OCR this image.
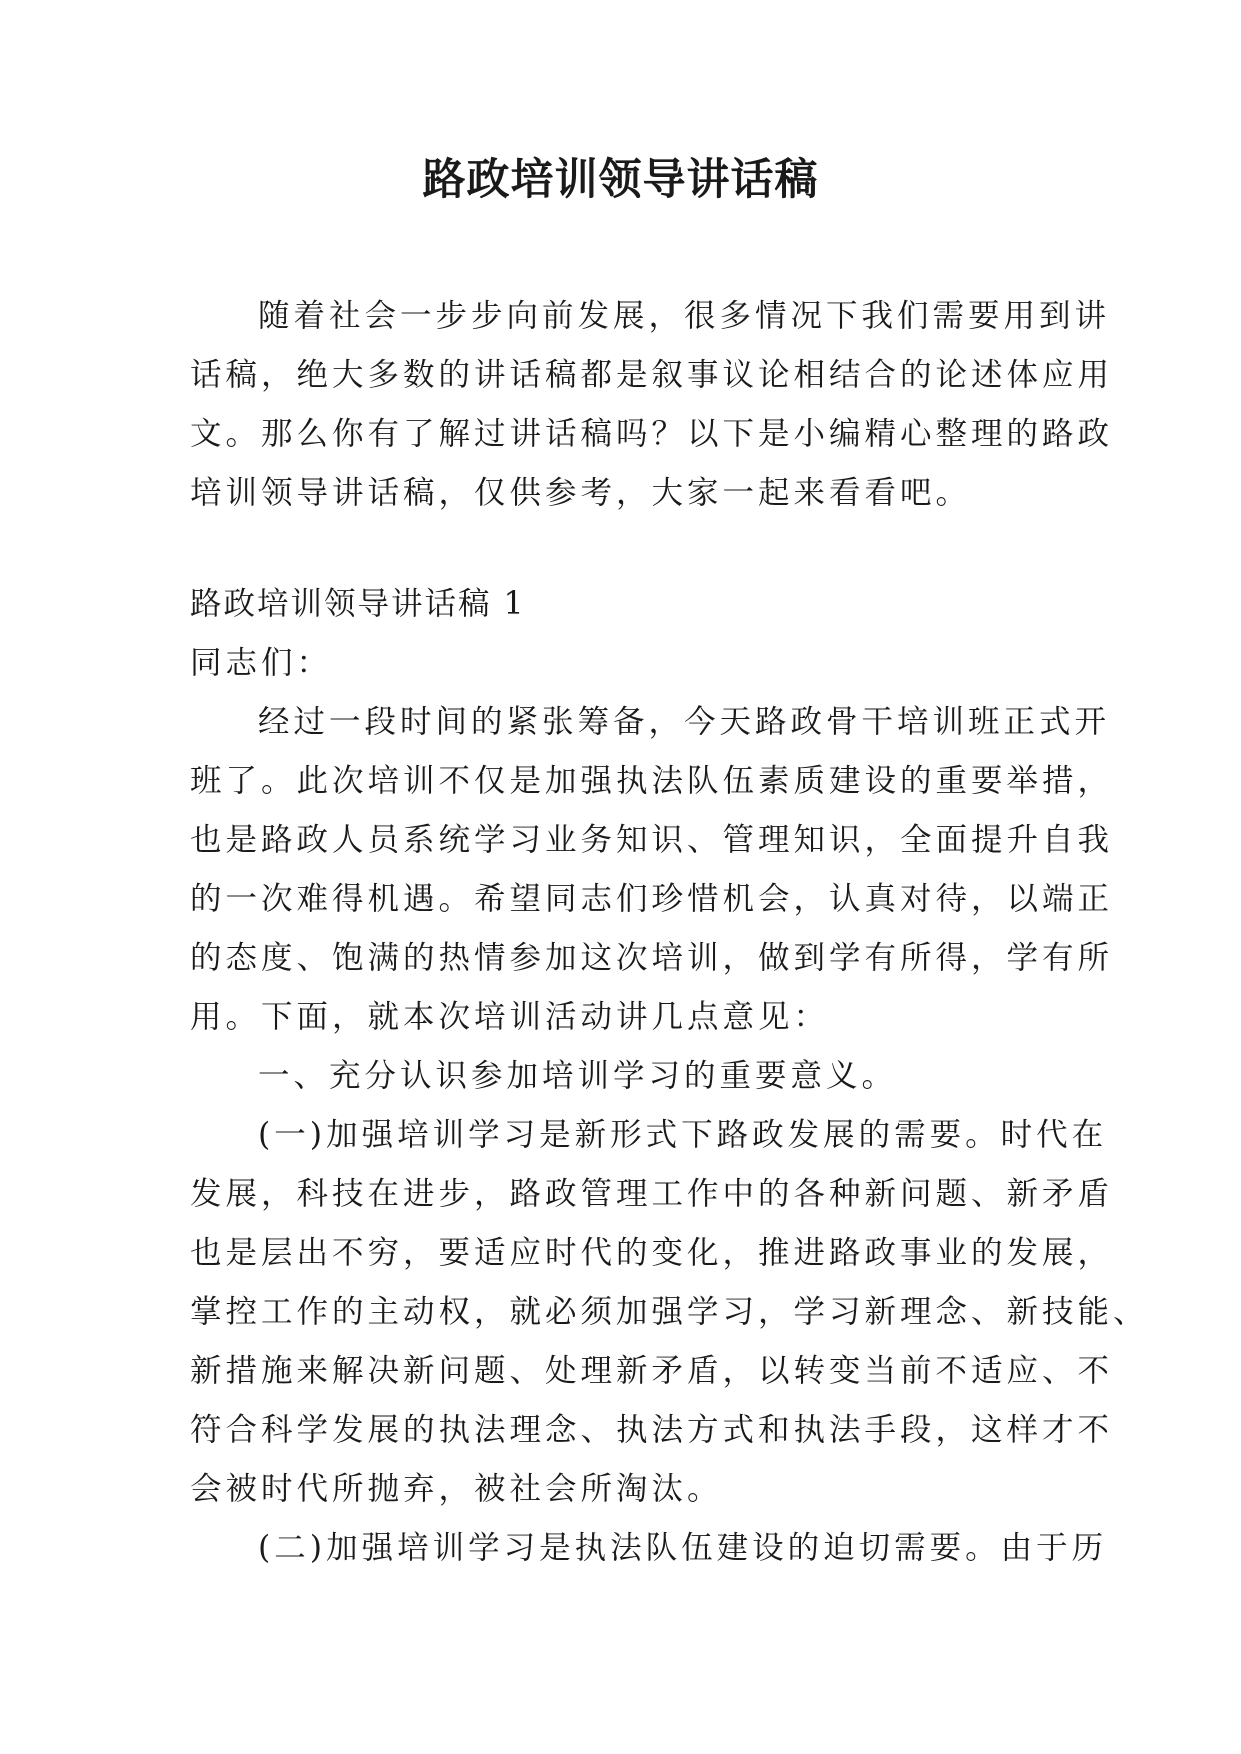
路政培训领导讲话稿
随着社会一步步向前发展，很多情况下我们需要用到讲
话稿，绝大多数的讲话稿都是叙事议论相结合的论述体应用
文。那么你有了解过讲话稿吗？以下是小编精心整理的路政
培训领导讲话稿，仅供参考，大家一起来看看吧。
路政培训领导讲话稿 1
同志们：
经过一段时间的紧张筹备，今天路政骨干培训班正式开
班了。此次培训不仅是加强执法队伍素质建设的重要举措，
也是路政人员系统学习业务知识、管理知识，全面提升自我
的一次难得机遇。希望同志们珍惜机会，认真对待，以端正
的态度、饱满的热情参加这次培训，做到学有所得，学有所
用。下面，就本次培训活动讲几点意见：
一、充分认识参加培训学习的重要意义。
(一)加强培训学习是新形式下路政发展的需要。时代在
发展，科技在进步，路政管理工作中的各种新问题、新矛盾
也是层出不穷，要适应时代的变化，推进路政事业的发展，
掌控工作的主动权，就必须加强学习，学习新理念、新技能、
新措施来解决新问题、处理新矛盾，以转变当前不适应、不
符合科学发展的执法理念、执法方式和执法手段，这样才不
会被时代所抛弃，被社会所淘汰。
(二)加强培训学习是执法队伍建设的迫切需要。由于历
